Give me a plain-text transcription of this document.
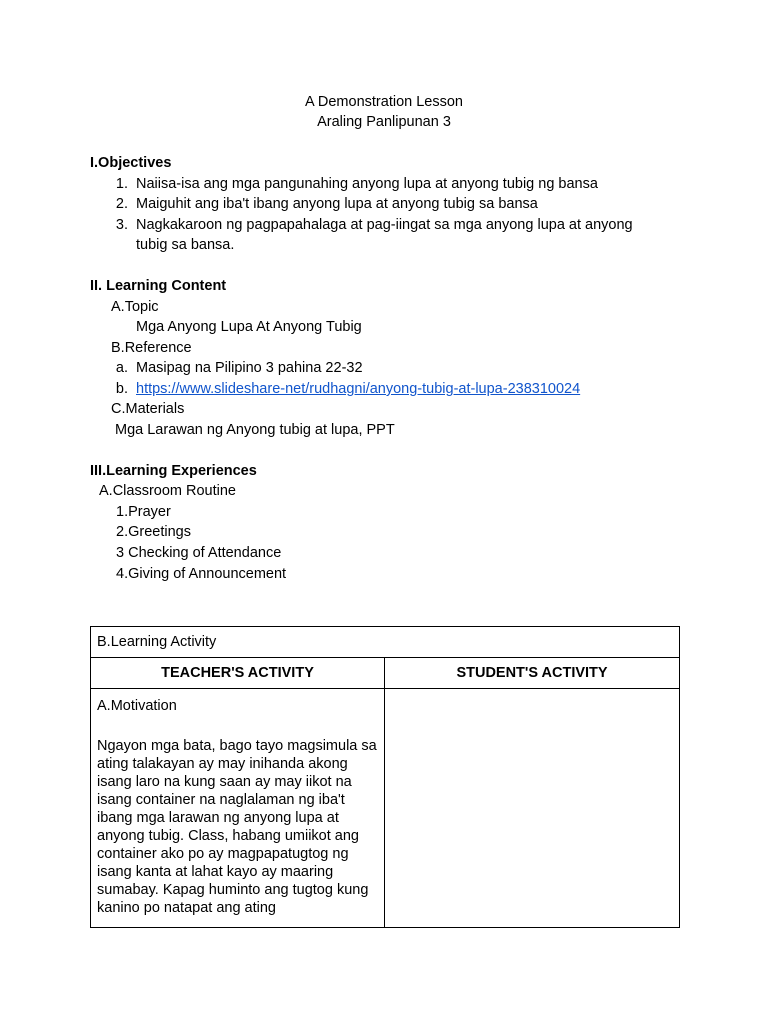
A Demonstration Lesson
Araling Panlipunan 3
I.Objectives
1. Naiisa-isa ang mga pangunahing anyong lupa at anyong tubig ng bansa
2. Maiguhit ang iba't ibang anyong lupa at anyong tubig sa bansa
3. Nagkakaroon ng pagpapahalaga at pag-iingat sa mga anyong lupa at anyong
tubig sa bansa.
II. Learning Content
A.Topic
Mga Anyong Lupa At Anyong Tubig
B.Reference
a. Masipag na Pilipino 3 pahina 22-32
b. https://www.slideshare-net/rudhagni/anyong-tubig-at-lupa-238310024
C.Materials
Mga Larawan ng Anyong tubig at lupa, PPT
III.Learning Experiences
A.Classroom Routine
1.Prayer
2.Greetings
3 Checking of Attendance
4.Giving of Announcement
B.Learning Activity	
TEACHER'S ACTIVITY	STUDENT'S ACTIVITY

A.Motivation
Ngayon mga bata, bago tayo magsimula sa ating talakayan ay may inihanda akong isang laro na kung saan ay may iikot na isang container na naglalaman ng iba't ibang mga larawan ng anyong lupa at anyong tubig. Class, habang umiikot ang container ako po ay magpapatugtog ng isang kanta at lahat kayo ay maaring sumabay. Kapag huminto ang tugtog kung kanino po natapat ang ating	
